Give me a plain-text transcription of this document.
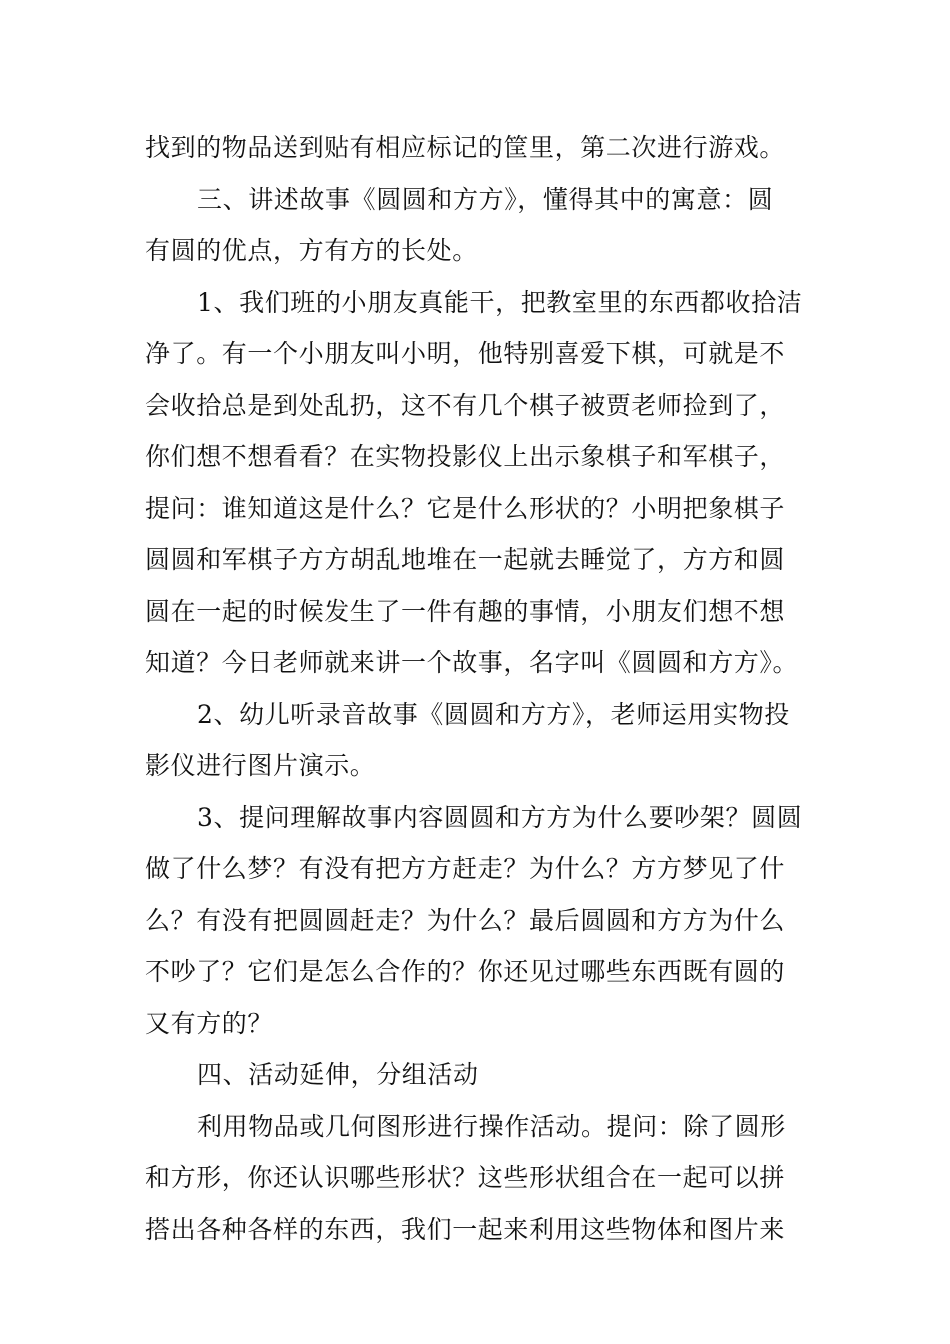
找到的物品送到贴有相应标记的筐里，第二次进行游戏。
三、讲述故事《圆圆和方方》，懂得其中的寓意：圆
有圆的优点，方有方的长处。
1、我们班的小朋友真能干，把教室里的东西都收拾洁
净了。有一个小朋友叫小明，他特别喜爱下棋，可就是不
会收拾总是到处乱扔，这不有几个棋子被贾老师捡到了，
你们想不想看看？在实物投影仪上出示象棋子和军棋子，
提问：谁知道这是什么？它是什么形状的？小明把象棋子
圆圆和军棋子方方胡乱地堆在一起就去睡觉了，方方和圆
圆在一起的时候发生了一件有趣的事情，小朋友们想不想
知道？今日老师就来讲一个故事，名字叫《圆圆和方方》。
2、幼儿听录音故事《圆圆和方方》，老师运用实物投
影仪进行图片演示。
3、提问理解故事内容圆圆和方方为什么要吵架？圆圆
做了什么梦？有没有把方方赶走？为什么？方方梦见了什
么？有没有把圆圆赶走？为什么？最后圆圆和方方为什么
不吵了？它们是怎么合作的？你还见过哪些东西既有圆的
又有方的？
四、活动延伸，分组活动
利用物品或几何图形进行操作活动。提问：除了圆形
和方形，你还认识哪些形状？这些形状组合在一起可以拼
搭出各种各样的东西，我们一起来利用这些物体和图片来
